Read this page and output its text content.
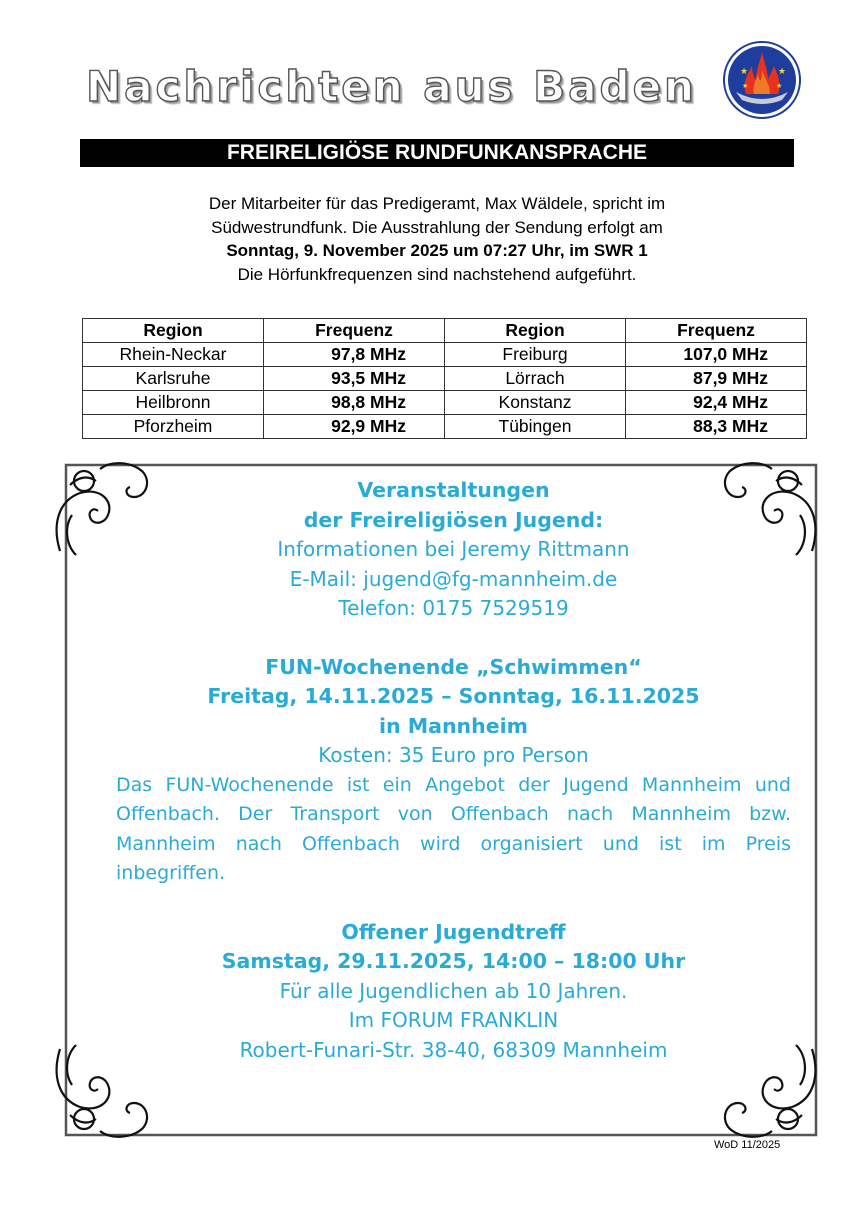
Nachrichten aus Baden	★	★
★	★
FREIRELIGIÖSE RUNDFUNKANSPRACHE
Der Mitarbeiter für das Predigeramt, Max Wäldele, spricht im
Südwestrundfunk. Die Ausstrahlung der Sendung erfolgt am
Sonntag, 9. November 2025 um 07:27 Uhr, im SWR 1
Die Hörfunkfrequenzen sind nachstehend aufgeführt.
Region	Frequenz	Region	Frequenz
Rhein-Neckar	97,8 MHz	Freiburg	107,0 MHz
Karlsruhe	93,5 MHz	Lörrach	87,9 MHz
Heilbronn	98,8 MHz	Konstanz	92,4 MHz
Pforzheim	92,9 MHz	Tübingen	88,3 MHz
Veranstaltungen
der Freireligiösen Jugend:
Informationen bei Jeremy Rittmann
E-Mail: jugend@fg-mannheim.de
Telefon: 0175 7529519
FUN-Wochenende „Schwimmen“
Freitag, 14.11.2025 – Sonntag, 16.11.2025
in Mannheim
Kosten: 35 Euro pro Person
Das FUN-Wochenende ist ein Angebot der Jugend Mannheim und Offenbach. Der Transport von Offenbach nach Mannheim bzw. Mannheim nach Offenbach wird organisiert und ist im Preis inbegriffen.
Offener Jugendtreff
Samstag, 29.11.2025, 14:00 – 18:00 Uhr
Für alle Jugendlichen ab 10 Jahren.
Im FORUM FRANKLIN
Robert-Funari-Str. 38-40, 68309 Mannheim
WoD 11/2025
